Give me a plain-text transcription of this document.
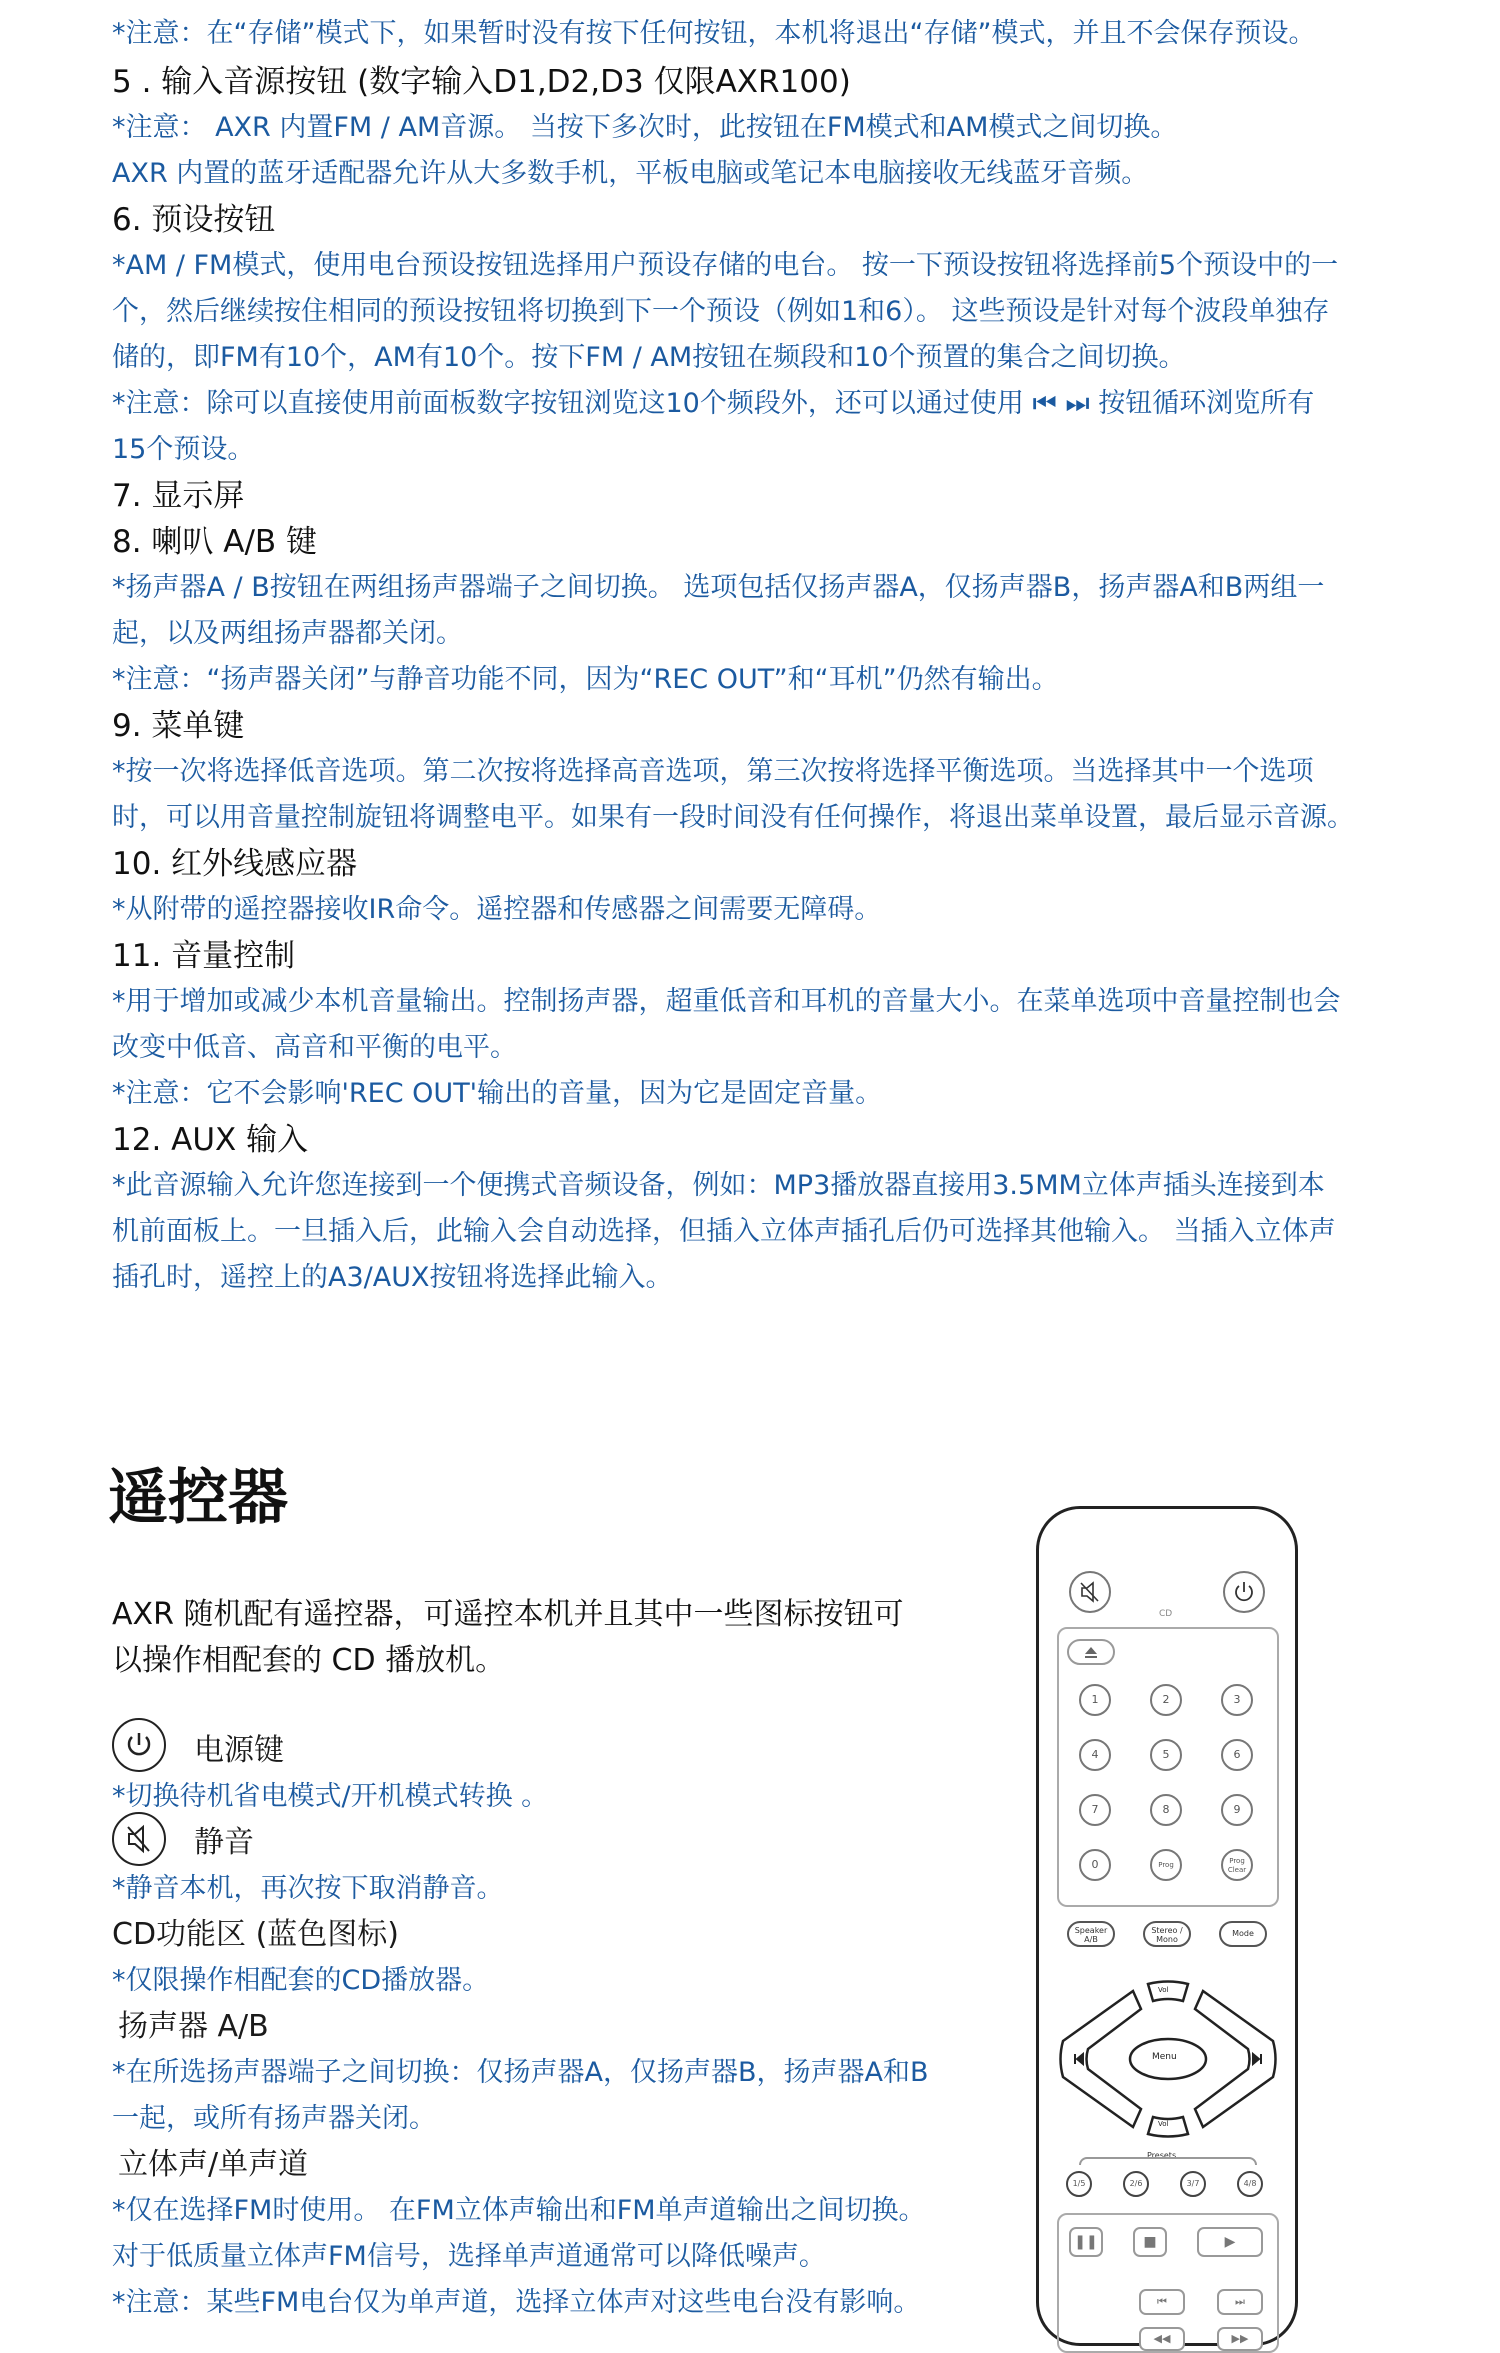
*注意：在“存储”模式下，如果暂时没有按下任何按钮，本机将退出“存储”模式，并且不会保存预设。
5 . 输入音源按钮 (数字输入D1,D2,D3 仅限AXR100)
*注意： AXR 内置FM / AM音源。 当按下多次时，此按钮在FM模式和AM模式之间切换。
AXR 内置的蓝牙适配器允许从大多数手机，平板电脑或笔记本电脑接收无线蓝牙音频。
6. 预设按钮
*AM / FM模式，使用电台预设按钮选择用户预设存储的电台。 按一下预设按钮将选择前5个预设中的一
个，然后继续按住相同的预设按钮将切换到下一个预设（例如1和6）。 这些预设是针对每个波段单独存
储的，即FM有10个，AM有10个。按下FM / AM按钮在频段和10个预置的集合之间切换。
*注意：除可以直接使用前面板数字按钮浏览这10个频段外，还可以通过使用 ⏮ ⏭ 按钮循环浏览所有
15个预设。
7. 显示屏
8. 喇叭 A/B 键
*扬声器A / B按钮在两组扬声器端子之间切换。 选项包括仅扬声器A，仅扬声器B，扬声器A和B两组一
起，以及两组扬声器都关闭。
*注意：“扬声器关闭”与静音功能不同，因为“REC OUT”和“耳机”仍然有输出。
9. 菜单键
*按一次将选择低音选项。第二次按将选择高音选项，第三次按将选择平衡选项。当选择其中一个选项
时，可以用音量控制旋钮将调整电平。如果有一段时间没有任何操作，将退出菜单设置，最后显示音源。
10. 红外线感应器
*从附带的遥控器接收IR命令。遥控器和传感器之间需要无障碍。
11. 音量控制
*用于增加或减少本机音量输出。控制扬声器，超重低音和耳机的音量大小。在菜单选项中音量控制也会
改变中低音、高音和平衡的电平。
*注意：它不会影响'REC OUT'输出的音量，因为它是固定音量。
12. AUX 输入
*此音源输入允许您连接到一个便携式音频设备，例如：MP3播放器直接用3.5MM立体声插头连接到本
机前面板上。一旦插入后，此输入会自动选择，但插入立体声插孔后仍可选择其他输入。 当插入立体声
插孔时，遥控上的A3/AUX按钮将选择此输入。
遥控器
AXR 随机配有遥控器，可遥控本机并且其中一些图标按钮可
以操作相配套的 CD 播放机。
电源键
*切换待机省电模式/开机模式转换 。
静音
*静音本机，再次按下取消静音。
CD功能区 (蓝色图标)
*仅限操作相配套的CD播放器。
扬声器 A/B
*在所选扬声器端子之间切换：仅扬声器A，仅扬声器B，扬声器A和B
一起，或所有扬声器关闭。
立体声/单声道
*仅在选择FM时使用。 在FM立体声输出和FM单声道输出之间切换。
对于低质量立体声FM信号，选择单声道通常可以降低噪声。
*注意：某些FM电台仅为单声道，选择立体声对这些电台没有影响。
CD
1	2	3
4	5	6
7	8	9
0	Prog	Prog Clear
Speaker A/B
Stereo / Mono
Mode
Menu
Vol
Vol
Presets
1/5	2/6	3/7	4/8
❚❚	■	▶
⏮	⏭
◀◀	▶▶
